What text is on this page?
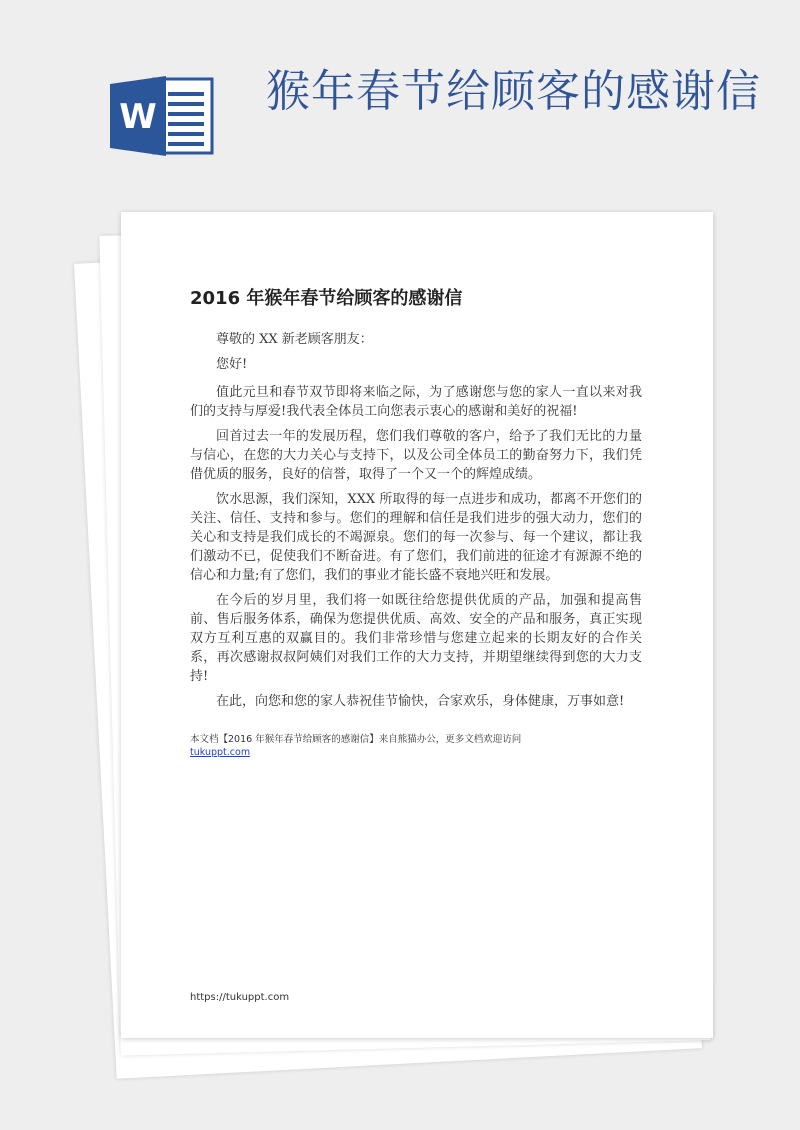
W 猴年春节给顾客的感谢信
2016 年猴年春节给顾客的感谢信

尊敬的 XX 新老顾客朋友：

您好!

值此元旦和春节双节即将来临之际，为了感谢您与您的家人一直以来对我们的支持与厚爱!我代表全体员工向您表示衷心的感谢和美好的祝福!

回首过去一年的发展历程，您们我们尊敬的客户，给予了我们无比的力量与信心，在您的大力关心与支持下，以及公司全体员工的勤奋努力下，我们凭借优质的服务，良好的信誉，取得了一个又一个的辉煌成绩。

饮水思源，我们深知，XXX 所取得的每一点进步和成功，都离不开您们的关注、信任、支持和参与。您们的理解和信任是我们进步的强大动力，您们的关心和支持是我们成长的不竭源泉。您们的每一次参与、每一个建议，都让我们激动不已，促使我们不断奋进。有了您们，我们前进的征途才有源源不绝的信心和力量;有了您们，我们的事业才能长盛不衰地兴旺和发展。

在今后的岁月里，我们将一如既往给您提供优质的产品，加强和提高售前、售后服务体系，确保为您提供优质、高效、安全的产品和服务，真正实现双方互利互惠的双赢目的。我们非常珍惜与您建立起来的长期友好的合作关系，再次感谢叔叔阿姨们对我们工作的大力支持，并期望继续得到您的大力支持!

在此，向您和您的家人恭祝佳节愉快，合家欢乐，身体健康，万事如意!

本文档【2016 年猴年春节给顾客的感谢信】来自熊猫办公，更多文档欢迎访问
tukuppt.com
https://tukuppt.com
